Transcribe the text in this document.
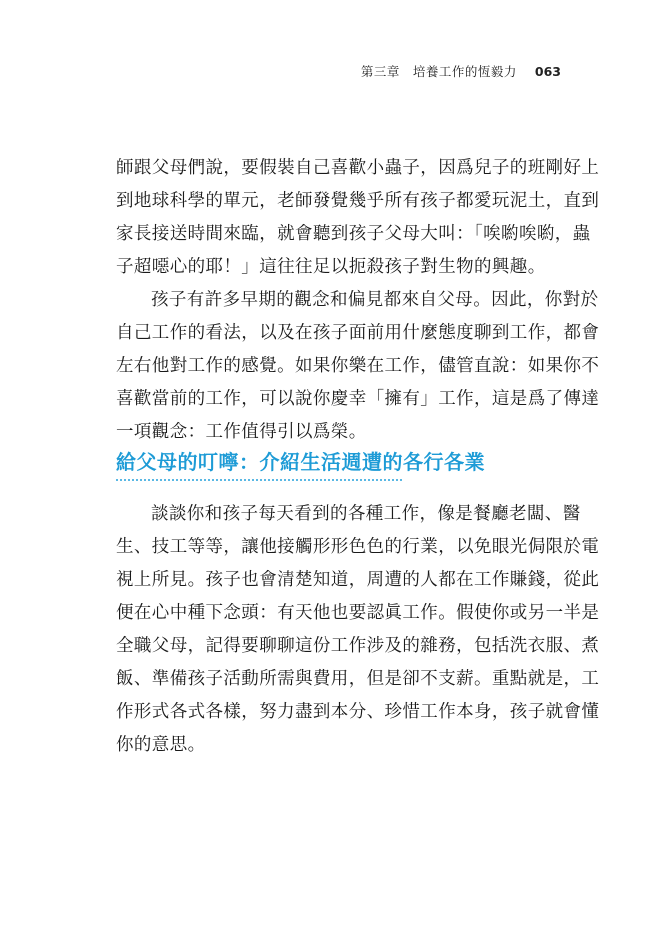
第三章　培養工作的恆毅力 063
師跟父母們說，要假裝自己喜歡小蟲子，因爲兒子的班剛好上
到地球科學的單元，老師發覺幾乎所有孩子都愛玩泥土，直到
家長接送時間來臨，就會聽到孩子父母大叫：「唉喲唉喲，蟲
子超噁心的耶！」這往往足以扼殺孩子對生物的興趣。
孩子有許多早期的觀念和偏見都來自父母。因此，你對於
自己工作的看法，以及在孩子面前用什麼態度聊到工作，都會
左右他對工作的感覺。如果你樂在工作，儘管直說：如果你不
喜歡當前的工作，可以說你慶幸「擁有」工作，這是爲了傳達
一項觀念：工作值得引以爲榮。
給父母的叮嚀：介紹生活週遭的各行各業
談談你和孩子每天看到的各種工作，像是餐廳老闆、醫
生、技工等等，讓他接觸形形色色的行業，以免眼光侷限於電
視上所見。孩子也會清楚知道，周遭的人都在工作賺錢，從此
便在心中種下念頭：有天他也要認眞工作。假使你或另一半是
全職父母，記得要聊聊這份工作涉及的雜務，包括洗衣服、煮
飯、準備孩子活動所需與費用，但是卻不支薪。重點就是，工
作形式各式各樣，努力盡到本分、珍惜工作本身，孩子就會懂
你的意思。
